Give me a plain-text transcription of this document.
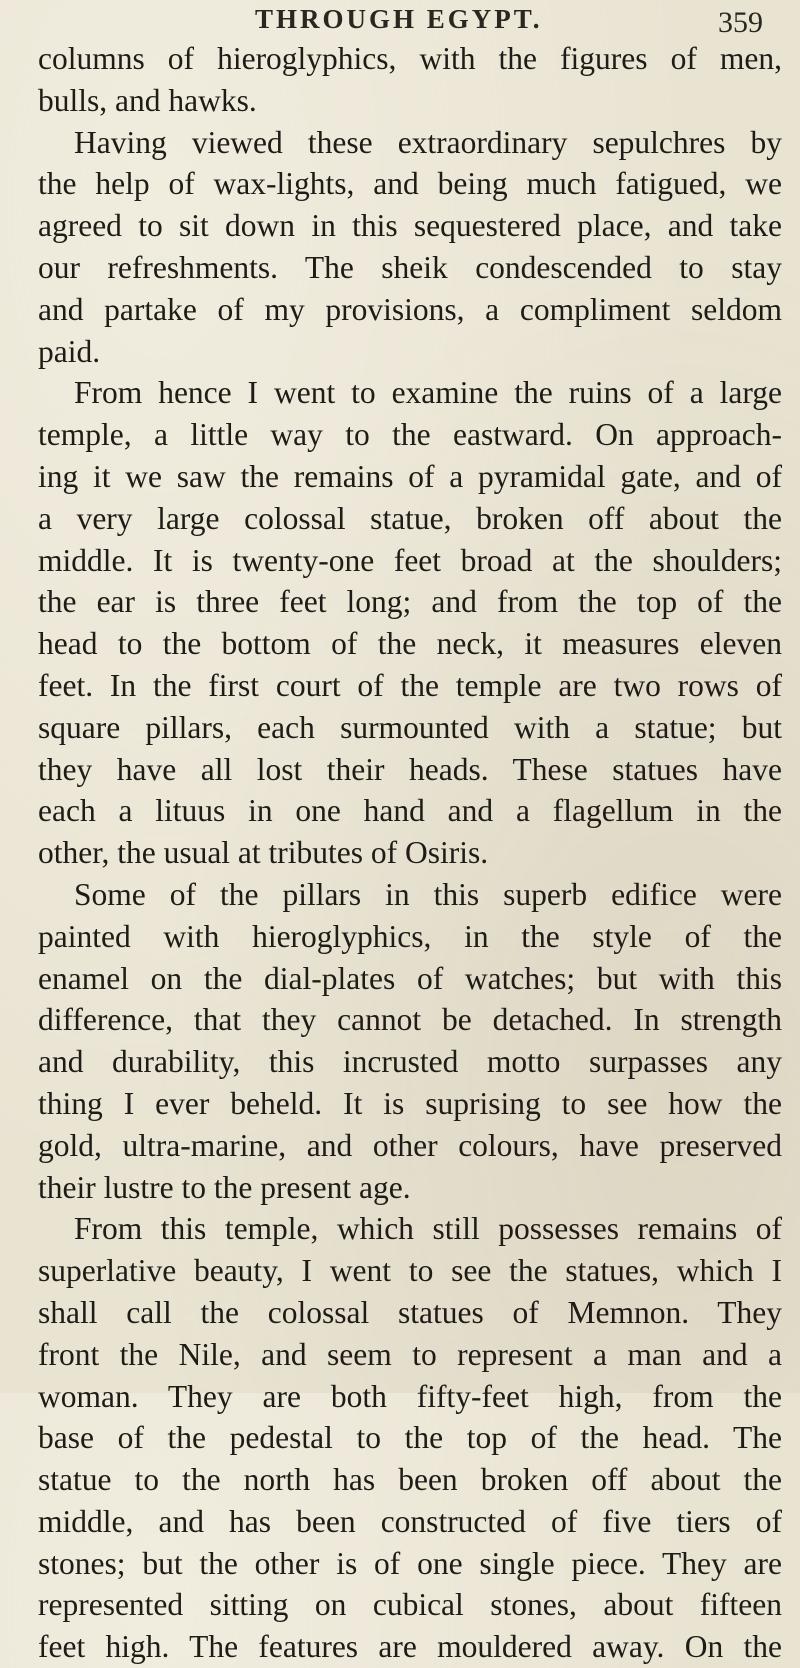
THROUGH EGYPT.	359
columns of hieroglyphics, with the figures of men,
bulls, and hawks.
Having viewed these extraordinary sepulchres by
the help of wax-lights, and being much fatigued, we
agreed to sit down in this sequestered place, and take
our refreshments. The sheik condescended to stay
and partake of my provisions, a compliment seldom
paid.
From hence I went to examine the ruins of a large
temple, a little way to the eastward. On approach-
ing it we saw the remains of a pyramidal gate, and of
a very large colossal statue, broken off about the
middle. It is twenty-one feet broad at the shoulders;
the ear is three feet long; and from the top of the
head to the bottom of the neck, it measures eleven
feet. In the first court of the temple are two rows of
square pillars, each surmounted with a statue; but
they have all lost their heads. These statues have
each a lituus in one hand and a flagellum in the
other, the usual at tributes of Osiris.
Some of the pillars in this superb edifice were
painted with hieroglyphics, in the style of the
enamel on the dial-plates of watches; but with this
difference, that they cannot be detached. In strength
and durability, this incrusted motto surpasses any
thing I ever beheld. It is suprising to see how the
gold, ultra-marine, and other colours, have preserved
their lustre to the present age.
From this temple, which still possesses remains of
superlative beauty, I went to see the statues, which I
shall call the colossal statues of Memnon. They
front the Nile, and seem to represent a man and a
woman. They are both fifty-feet high, from the
base of the pedestal to the top of the head. The
statue to the north has been broken off about the
middle, and has been constructed of five tiers of
stones; but the other is of one single piece. They are
represented sitting on cubical stones, about fifteen
feet high. The features are mouldered away. On the
